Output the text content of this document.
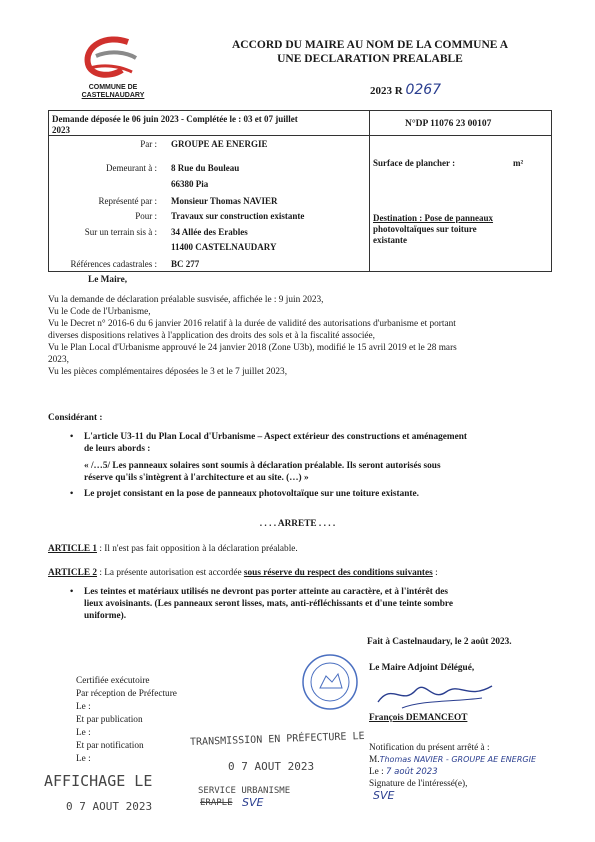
COMMUNE DE
CASTELNAUDARY
ACCORD DU MAIRE AU NOM DE LA COMMUNE A
UNE DECLARATION PREALABLE
2023 R 0267
Demande déposée le 06 juin 2023 - Complétée le : 03 et 07 juillet
2023
N°DP 11076 23 00107
Par : GROUPE AE ENERGIE
Demeurant à : 8 Rue du Bouleau
66380 Pia
Représenté par : Monsieur Thomas NAVIER
Pour : Travaux sur construction existante
Sur un terrain sis à : 34 Allée des Erables
11400 CASTELNAUDARY
Références cadastrales : BC 277
Surface de plancher :	m²
Destination : Pose de panneaux
photovoltaïques sur toiture
existante
Le Maire,
Vu la demande de déclaration préalable susvisée, affichée le : 9 juin 2023,
Vu le Code de l'Urbanisme,
Vu le Decret n° 2016-6 du 6 janvier 2016 relatif à la durée de validité des autorisations d'urbanisme et portant
diverses dispositions relatives à l'application des droits des sols et à la fiscalité associée,
Vu le Plan Local d'Urbanisme approuvé le 24 janvier 2018 (Zone U3b), modifié le 15 avril 2019 et le 28 mars
2023,
Vu les pièces complémentaires déposées le 3 et le 7 juillet 2023,
Considérant :
• L'article U3-11 du Plan Local d'Urbanisme – Aspect extérieur des constructions et aménagement
de leurs abords :
« /…5/ Les panneaux solaires sont soumis à déclaration préalable. Ils seront autorisés sous
réserve qu'ils s'intègrent à l'architecture et au site. (…) »
• Le projet consistant en la pose de panneaux photovoltaïque sur une toiture existante.
. . . . ARRETE . . . .
ARTICLE 1 : Il n'est pas fait opposition à la déclaration préalable.
ARTICLE 2 : La présente autorisation est accordée sous réserve du respect des conditions suivantes :
• Les teintes et matériaux utilisés ne devront pas porter atteinte au caractère, et à l'intérêt des
lieux avoisinants. (Les panneaux seront lisses, mats, anti-réfléchissants et d'une teinte sombre
uniforme).
Fait à Castelnaudary, le 2 août 2023.
Le Maire Adjoint Délégué,
François DEMANCEOT
Certifiée exécutoire
Par réception de Préfecture
Le :
Et par publication
Le :
Et par notification
Le :
TRANSMISSION EN PRÉFECTURE LE
0 7 AOUT 2023
AFFICHAGE LE
0 7 AOUT 2023
SERVICE URBANISME
ERAPLE SVE
Notification du présent arrêté à :
M.Thomas NAVIER - GROUPE AE ENERGIE
Le : 7 août 2023
Signature de l'intéressé(e),
SVE
